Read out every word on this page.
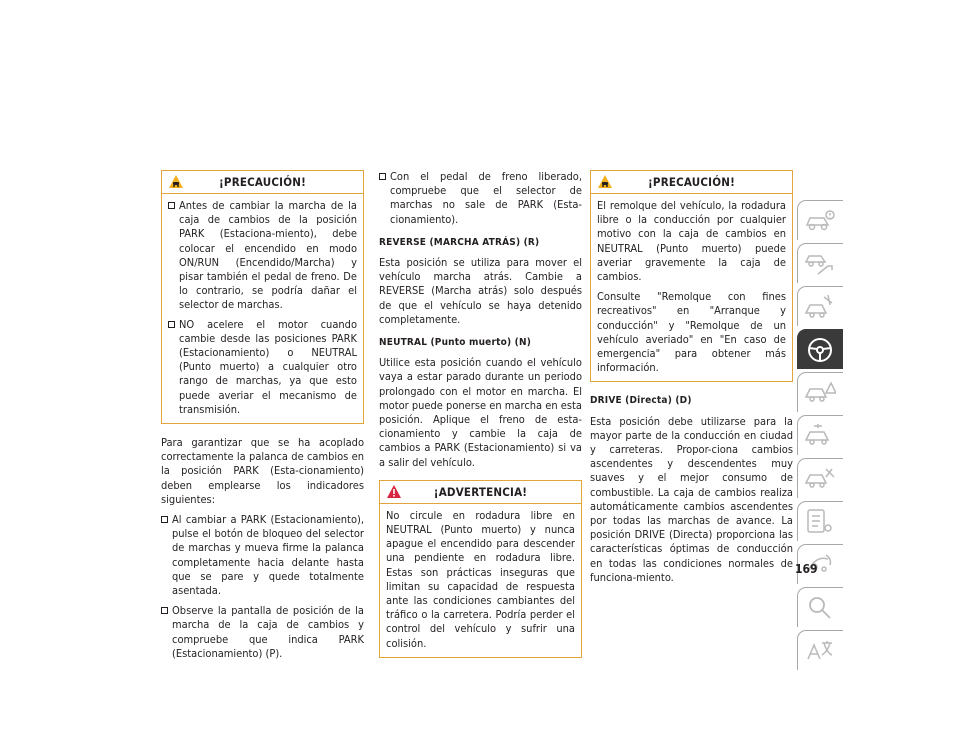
¡PRECAUCIÓN!
Antes de cambiar la marcha de la caja de cambios de la posición PARK (Estaciona-miento), debe colocar el encendido en modo ON/RUN (Encendido/Marcha) y pisar también el pedal de freno. De lo contrario, se podría dañar el selector de marchas.
NO acelere el motor cuando cambie desde las posiciones PARK (Estacionamiento) o NEUTRAL (Punto muerto) a cualquier otro rango de marchas, ya que esto puede averiar el mecanismo de transmisión.

Para garantizar que se ha acoplado correctamente la palanca de cambios en la posición PARK (Esta-cionamiento) deben emplearse los indicadores siguientes:

Al cambiar a PARK (Estacionamiento), pulse el botón de bloqueo del selector de marchas y mueva firme la palanca completamente hacia delante hasta que se pare y quede totalmente asentada.
Observe la pantalla de posición de la marcha de la caja de cambios y compruebe que indica PARK (Estacionamiento) (P).
Con el pedal de freno liberado, compruebe que el selector de marchas no sale de PARK (Esta-cionamiento).
REVERSE (MARCHA ATRÁS) (R)

Esta posición se utiliza para mover el vehículo marcha atrás. Cambie a REVERSE (Marcha atrás) solo después de que el vehículo se haya detenido completamente.

NEUTRAL (Punto muerto) (N)

Utilice esta posición cuando el vehículo vaya a estar parado durante un periodo prolongado con el motor en marcha. El motor puede ponerse en marcha en esta posición. Aplique el freno de esta-cionamiento y cambie la caja de cambios a PARK (Estacionamiento) si va a salir del vehículo.

¡ADVERTENCIA!

No circule en rodadura libre en NEUTRAL (Punto muerto) y nunca apague el encendido para descender una pendiente en rodadura libre. Estas son prácticas inseguras que limitan su capacidad de respuesta ante las condiciones cambiantes del tráfico o la carretera. Podría perder el control del vehículo y sufrir una colisión.

¡PRECAUCIÓN!

El remolque del vehículo, la rodadura libre o la conducción por cualquier motivo con la caja de cambios en NEUTRAL (Punto muerto) puede averiar gravemente la caja de cambios.

Consulte "Remolque con fines recreativos" en "Arranque y conducción" y "Remolque de un vehículo averiado" en "En caso de emergencia" para obtener más información.

DRIVE (Directa) (D)

Esta posición debe utilizarse para la mayor parte de la conducción en ciudad y carreteras. Propor-ciona cambios ascendentes y descendentes muy suaves y el mejor consumo de combustible. La caja de cambios realiza automáticamente cambios ascendentes por todas las marchas de avance. La posición DRIVE (Directa) proporciona las características óptimas de conducción en todas las condiciones normales de funciona-miento.

169
